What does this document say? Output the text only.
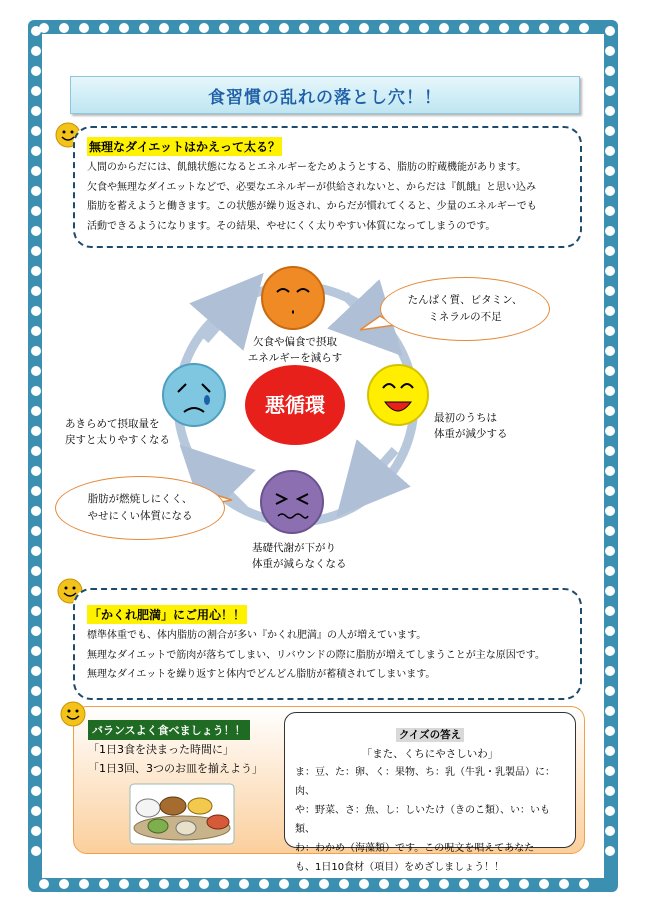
食習慣の乱れの落とし穴！！
無理なダイエットはかえって太る？
人間のからだには、飢餓状態になるとエネルギーをためようとする、脂肪の貯蔵機能があります。
欠食や無理なダイエットなどで、必要なエネルギーが供給されないと、からだは『飢餓』と思い込み
脂肪を蓄えようと働きます。この状態が繰り返され、からだが慣れてくると、少量のエネルギーでも
活動できるようになります。その結果、やせにくく太りやすい体質になってしまうのです。
悪循環
欠食や偏食で摂取
エネルギーを減らす
最初のうちは
体重が減少する
基礎代謝が下がり
体重が減らなくなる
あきらめて摂取量を
戻すと太りやすくなる
たんぱく質、ビタミン、
ミネラルの不足
脂肪が燃焼しにくく、
やせにくい体質になる
「かくれ肥満」にご用心！！
標準体重でも、体内脂肪の割合が多い『かくれ肥満』の人が増えています。
無理なダイエットで筋肉が落ちてしまい、リバウンドの際に脂肪が増えてしまうことが主な原因です。
無理なダイエットを繰り返すと体内でどんどん脂肪が蓄積されてしまいます。
バランスよく食べましょう！！
「1日3食を決まった時間に」
「1日3回、3つのお皿を揃えよう」
クイズの答え
「また、くちにやさしいわ」
ま：豆、た：卵、く：果物、ち：乳（牛乳・乳製品）に：肉、
や：野菜、さ：魚、し：しいたけ（きのこ類）、い：いも類、
わ：わかめ（海藻類）です。この呪文を唱えてあなた
も、1日10食材（項目）をめざしましょう！！
